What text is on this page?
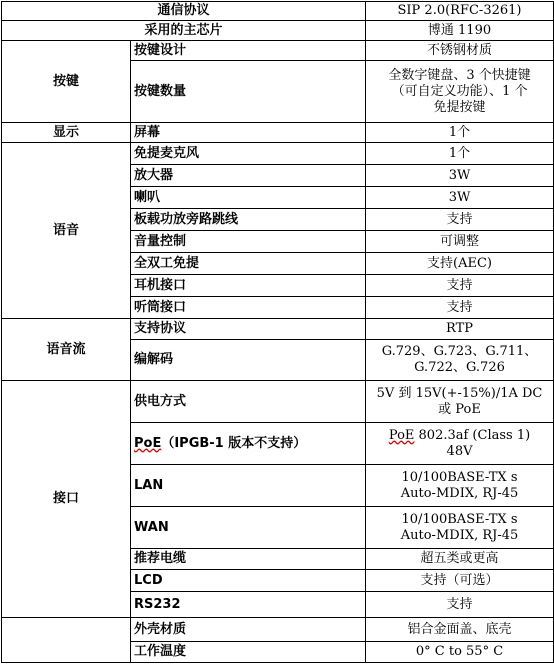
通信协议		SIP 2.0(RFC-3261)
采用的主芯片		博通 1190
按键	按键设计	不锈钢材质
	按键数量	全数字键盘、3 个快捷键
（可自定义功能）、1 个
免提按键

显示	屏幕	1个
语音	免提麦克风	1个
	放大器	3W
	喇叭	3W
	板载功放旁路跳线	支持
	音量控制	可调整
	全双工免提	支持(AEC)
	耳机接口	支持
	听筒接口	支持
语音流	支持协议	RTP
	编解码	G.729、G.723、G.711、
G.722、G.726

接口	供电方式	5V 到 15V(+-15%)/1A DC
或 PoE

	PoE（IPGB-1 版本不支持）	PoE 802.3af (Class 1)
48V

	LAN	10/100BASE-TX s
Auto-MDIX, RJ-45

	WAN	10/100BASE-TX s
Auto-MDIX, RJ-45

	推荐电缆	超五类或更高
	LCD	支持（可选）
	RS232	支持
	外壳材质	铝合金面盖、底壳
	工作温度	0° C to 55° C
